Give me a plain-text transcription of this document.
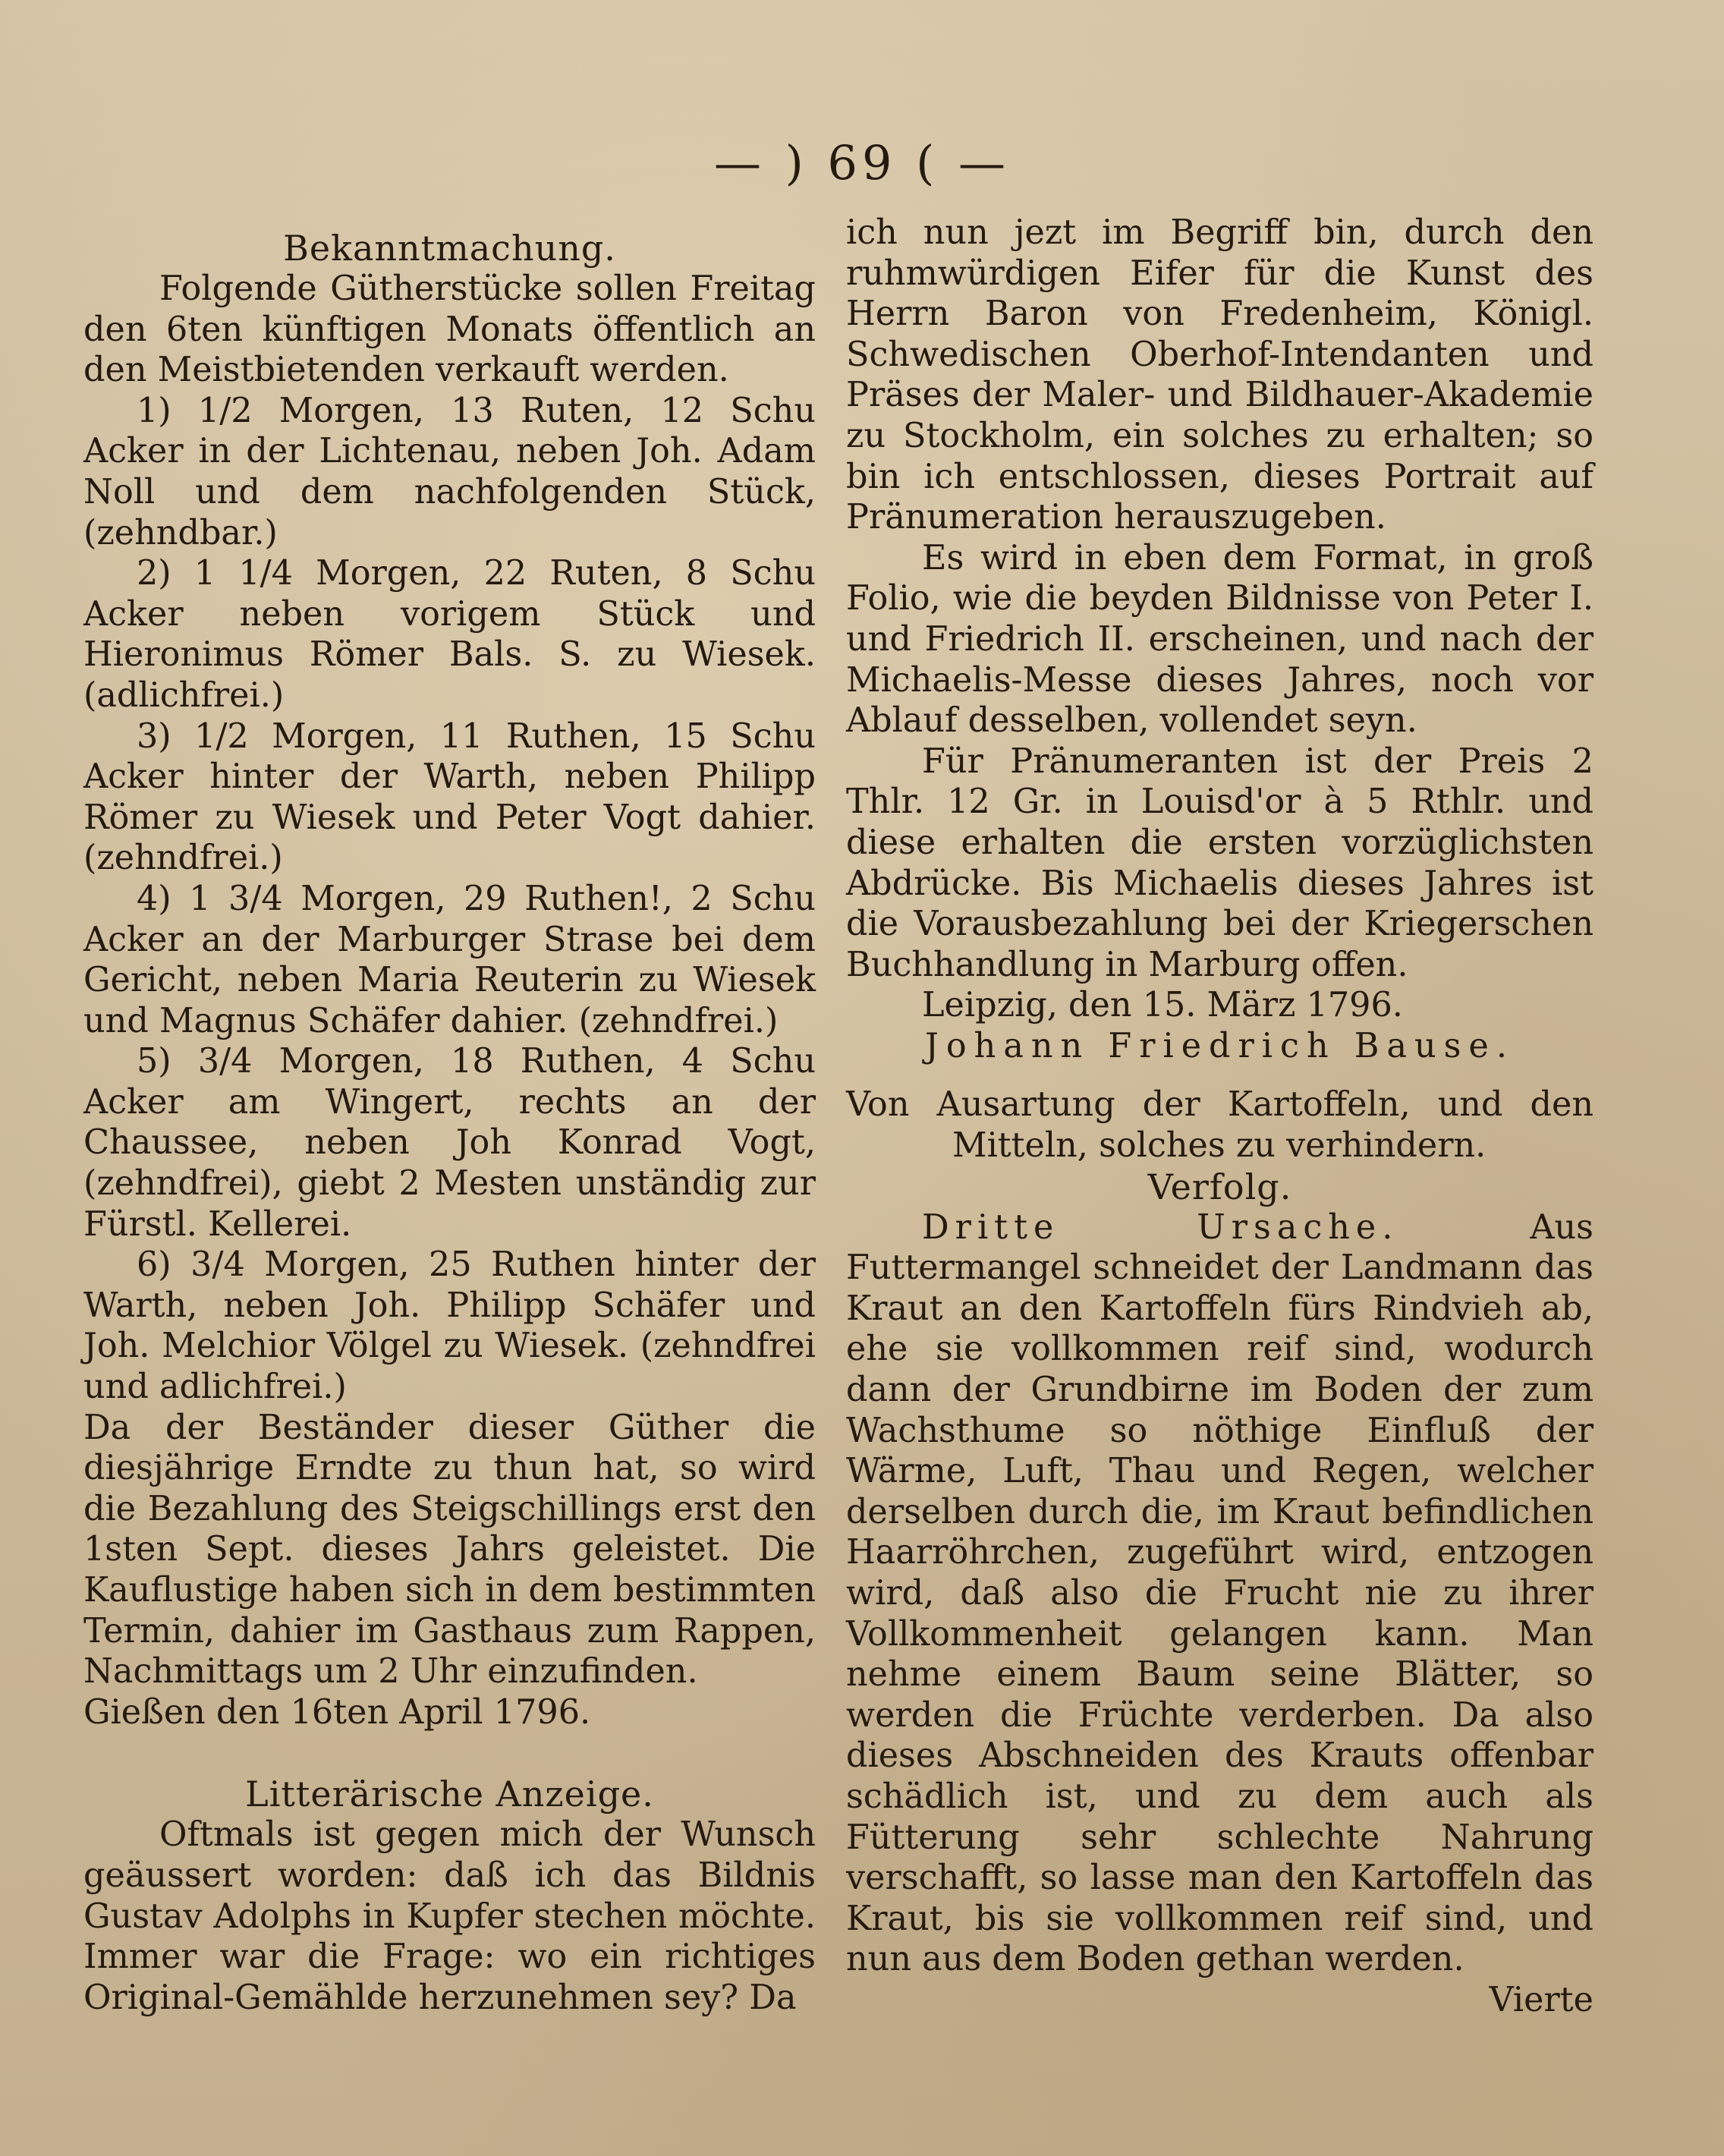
— ) 69 ( —

Bekanntmachung.

Folgende Gütherstücke sollen Freitag den 6ten künftigen Monats öffentlich an den Meistbietenden verkauft werden.

1) 1/2 Morgen, 13 Ruten, 12 Schu Acker in der Lichtenau, neben Joh. Adam Noll und dem nachfolgenden Stück, (zehndbar.)

2) 1 1/4 Morgen, 22 Ruten, 8 Schu Acker neben vorigem Stück und Hieronimus Römer Bals. S. zu Wiesek. (adlichfrei.)

3) 1/2 Morgen, 11 Ruthen, 15 Schu Acker hinter der Warth, neben Philipp Römer zu Wiesek und Peter Vogt dahier. (zehndfrei.)

4) 1 3/4 Morgen, 29 Ruthen!, 2 Schu Acker an der Marburger Strase bei dem Gericht, neben Maria Reuterin zu Wiesek und Magnus Schäfer dahier. (zehndfrei.)

5) 3/4 Morgen, 18 Ruthen, 4 Schu Acker am Wingert, rechts an der Chaussee, neben Joh Konrad Vogt, (zehndfrei), giebt 2 Mesten unständig zur Fürstl. Kellerei.

6) 3/4 Morgen, 25 Ruthen hinter der Warth, neben Joh. Philipp Schäfer und Joh. Melchior Völgel zu Wiesek. (zehndfrei und adlichfrei.)

Da der Beständer dieser Güther die diesjährige Erndte zu thun hat, so wird die Bezahlung des Steigschillings erst den 1sten Sept. dieses Jahrs geleistet. Die Kauflustige haben sich in dem bestimmten Termin, dahier im Gasthaus zum Rappen, Nachmittags um 2 Uhr einzufinden.

Gießen den 16ten April 1796.

Litterärische Anzeige.

Oftmals ist gegen mich der Wunsch geäussert worden: daß ich das Bildnis Gustav Adolphs in Kupfer stechen möchte. Immer war die Frage: wo ein richtiges Original-Gemählde herzunehmen sey? Da

ich nun jezt im Begriff bin, durch den ruhmwürdigen Eifer für die Kunst des Herrn Baron von Fredenheim, Königl. Schwedischen Oberhof-Intendanten und Präses der Maler- und Bildhauer-Akademie zu Stockholm, ein solches zu erhalten; so bin ich entschlossen, dieses Portrait auf Pränumeration herauszugeben.

Es wird in eben dem Format, in groß Folio, wie die beyden Bildnisse von Peter I. und Friedrich II. erscheinen, und nach der Michaelis-Messe dieses Jahres, noch vor Ablauf desselben, vollendet seyn.

Für Pränumeranten ist der Preis 2 Thlr. 12 Gr. in Louisd'or à 5 Rthlr. und diese erhalten die ersten vorzüglichsten Abdrücke. Bis Michaelis dieses Jahres ist die Vorausbezahlung bei der Kriegerschen Buchhandlung in Marburg offen.

Leipzig, den 15. März 1796.

Johann Friedrich Bause.

Von Ausartung der Kartoffeln, und den Mitteln, solches zu verhindern.

Verfolg.

Dritte Ursache.	Aus Futtermangel schneidet der Landmann das Kraut an den Kartoffeln fürs Rindvieh ab, ehe sie vollkommen reif sind, wodurch dann der Grundbirne im Boden der zum Wachsthume so nöthige Einfluß der Wärme, Luft, Thau und Regen, welcher derselben durch die, im Kraut befindlichen Haarröhrchen, zugeführt wird, entzogen wird, daß also die Frucht nie zu ihrer Vollkommenheit gelangen kann. Man nehme einem Baum seine Blätter, so werden die Früchte verderben. Da also dieses Abschneiden des Krauts offenbar schädlich ist, und zu dem auch als Fütterung sehr schlechte Nahrung verschafft, so lasse man den Kartoffeln das Kraut, bis sie vollkommen reif sind, und nun aus dem Boden gethan werden.

Vierte
